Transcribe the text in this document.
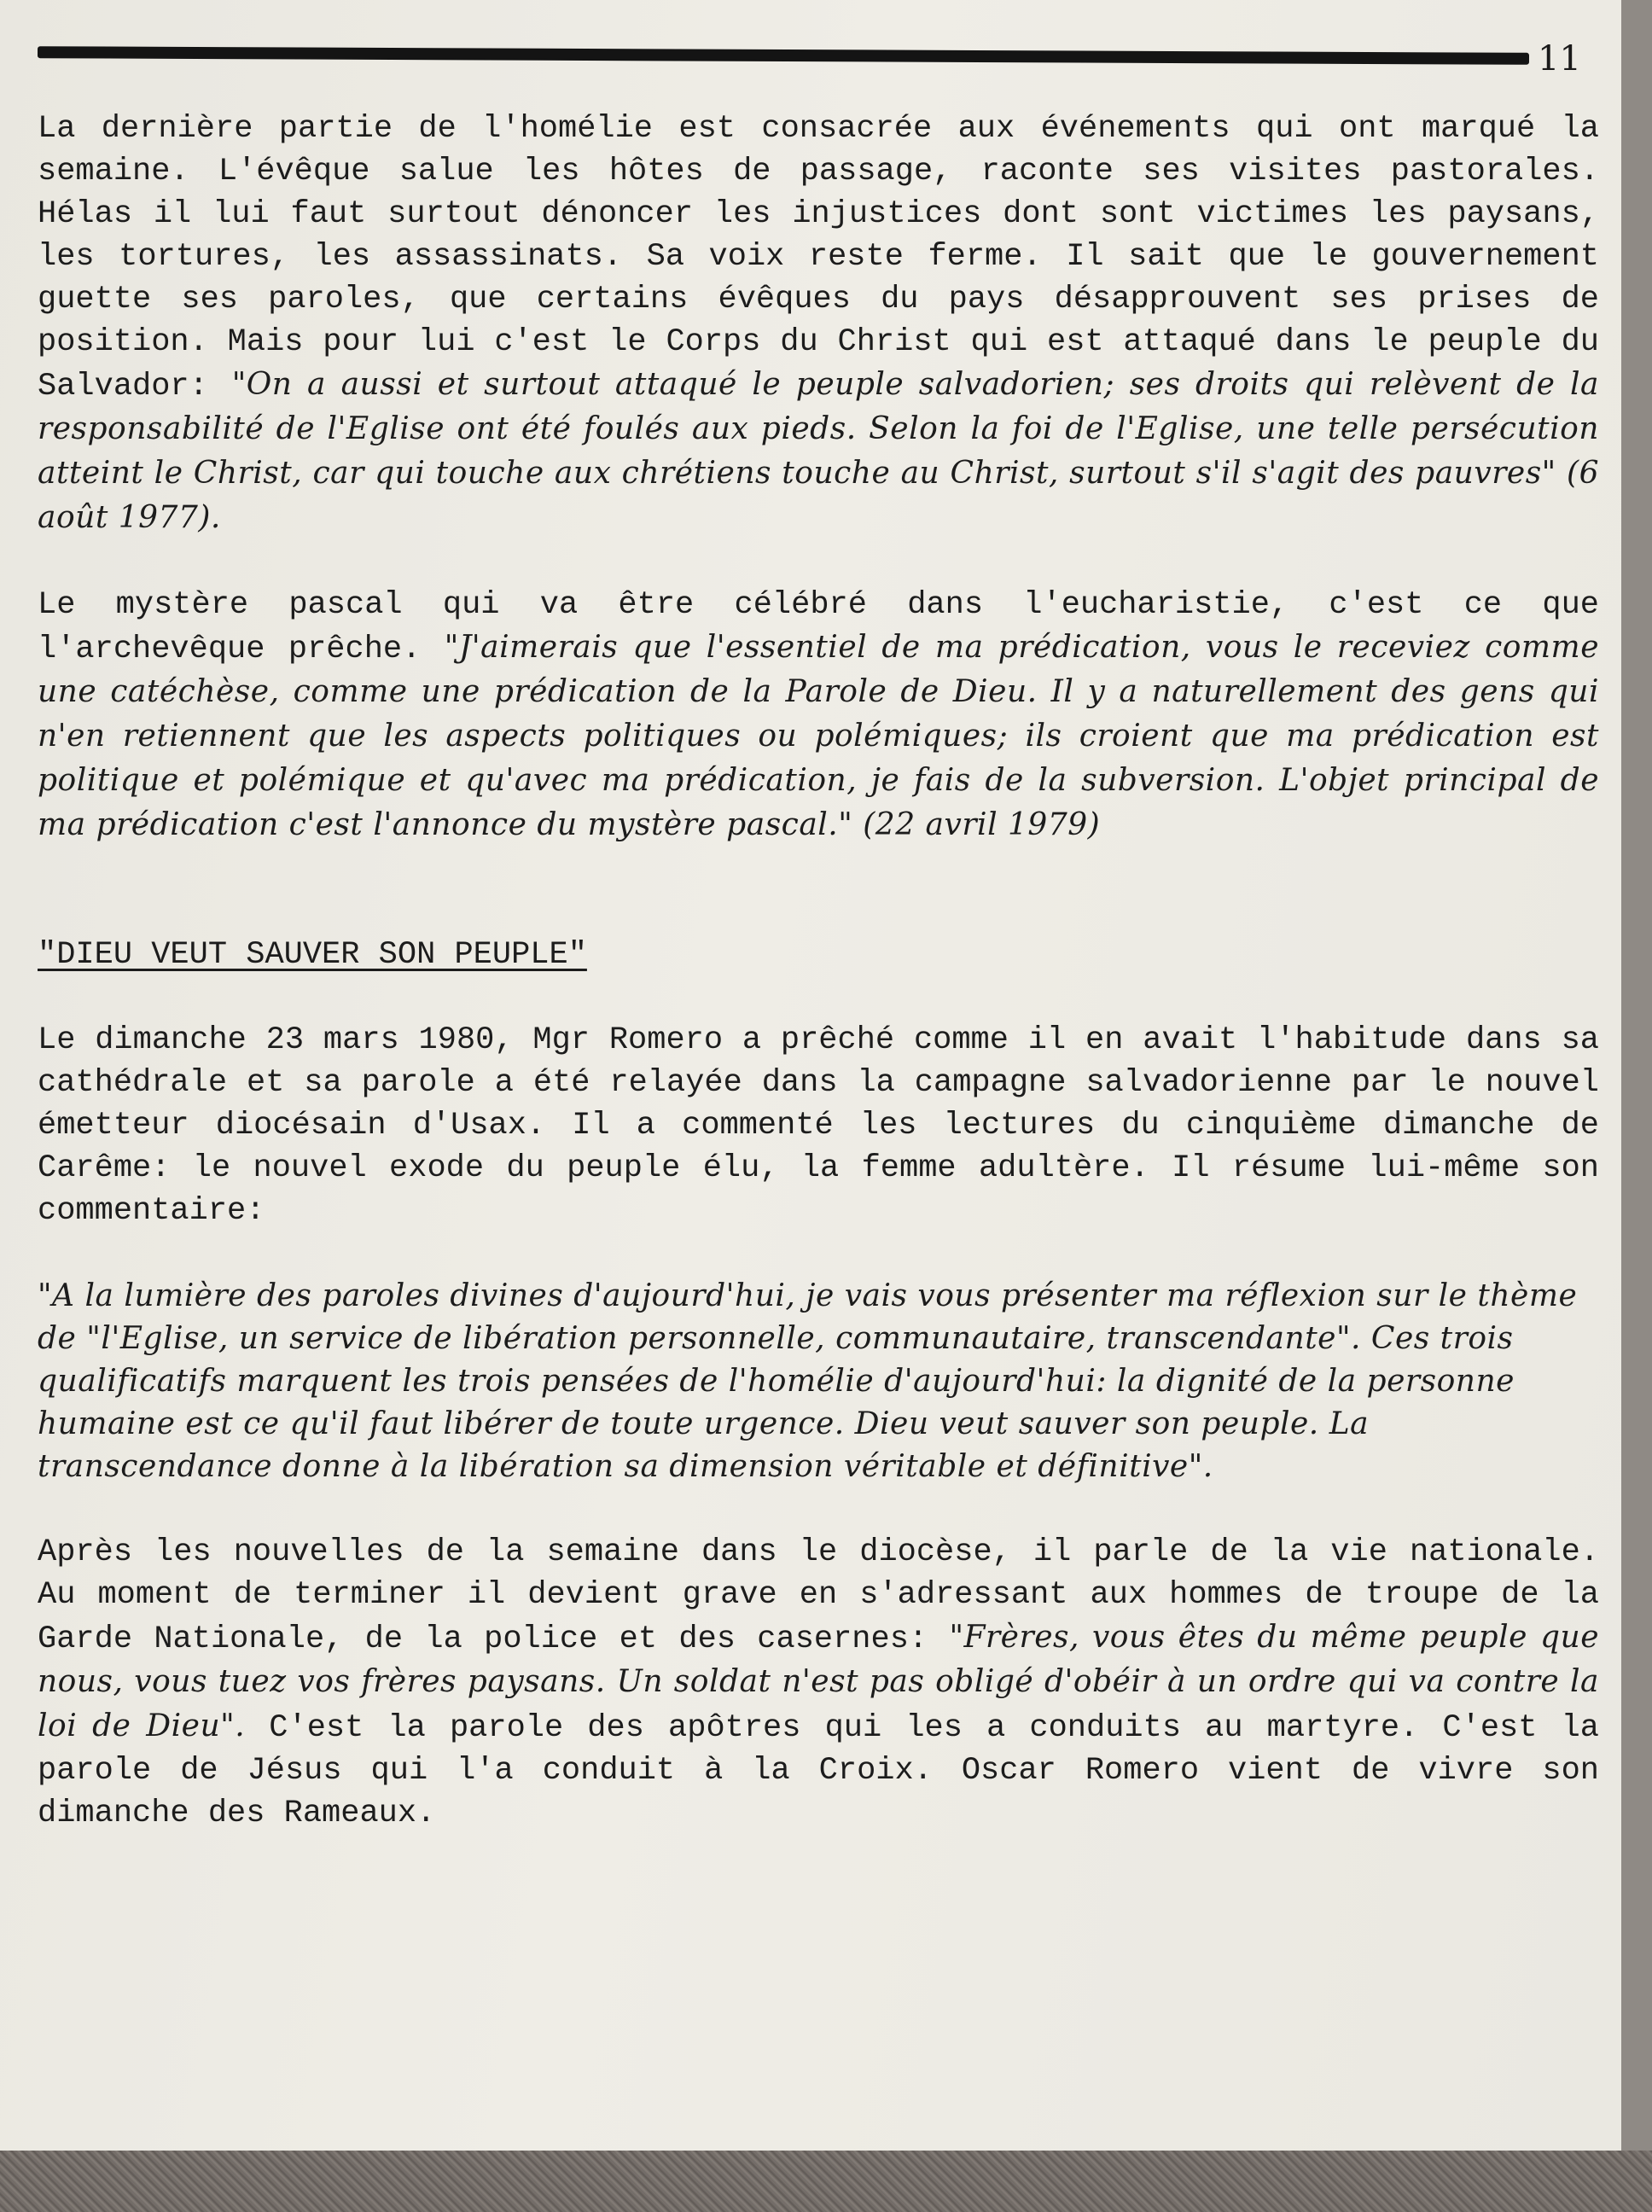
11

La dernière partie de l'homélie est consacrée aux événements qui ont marqué la semaine. L'évêque salue les hôtes de passage, raconte ses visites pastorales. Hélas il lui faut surtout dénoncer les injustices dont sont victimes les paysans, les tortures, les assassinats. Sa voix reste ferme. Il sait que le gouvernement guette ses paroles, que certains évêques du pays désapprouvent ses prises de position. Mais pour lui c'est le Corps du Christ qui est attaqué dans le peuple du Salvador: "On a aussi et surtout attaqué le peuple salvadorien; ses droits qui relèvent de la responsabilité de l'Eglise ont été foulés aux pieds. Selon la foi de l'Eglise, une telle persécution atteint le Christ, car qui touche aux chrétiens touche au Christ, surtout s'il s'agit des pauvres" (6 août 1977).

Le mystère pascal qui va être célébré dans l'eucharistie, c'est ce que l'archevêque prêche. "J'aimerais que l'essentiel de ma prédication, vous le receviez comme une catéchèse, comme une prédication de la Parole de Dieu. Il y a naturellement des gens qui n'en retiennent que les aspects politiques ou polémiques; ils croient que ma prédication est politique et polémique et qu'avec ma prédication, je fais de la subversion. L'objet principal de ma prédication c'est l'annonce du mystère pascal." (22 avril 1979)

"DIEU VEUT SAUVER SON PEUPLE"

Le dimanche 23 mars 1980, Mgr Romero a prêché comme il en avait l'habitude dans sa cathédrale et sa parole a été relayée dans la campagne salvadorienne par le nouvel émetteur diocésain d'Usax. Il a commenté les lectures du cinquième dimanche de Carême: le nouvel exode du peuple élu, la femme adultère. Il résume lui-même son commentaire:

"A la lumière des paroles divines d'aujourd'hui, je vais vous présenter ma réflexion sur le thème de "l'Eglise, un service de libération personnelle, communautaire, transcendante". Ces trois qualificatifs marquent les trois pensées de l'homélie d'aujourd'hui: la dignité de la personne humaine est ce qu'il faut libérer de toute urgence. Dieu veut sauver son peuple. La transcendance donne à la libération sa dimension véritable et définitive".

Après les nouvelles de la semaine dans le diocèse, il parle de la vie nationale. Au moment de terminer il devient grave en s'adressant aux hommes de troupe de la Garde Nationale, de la police et des casernes: "Frères, vous êtes du même peuple que nous, vous tuez vos frères paysans. Un soldat n'est pas obligé d'obéir à un ordre qui va contre la loi de Dieu". C'est la parole des apôtres qui les a conduits au martyre. C'est la parole de Jésus qui l'a conduit à la Croix. Oscar Romero vient de vivre son dimanche des Rameaux.
